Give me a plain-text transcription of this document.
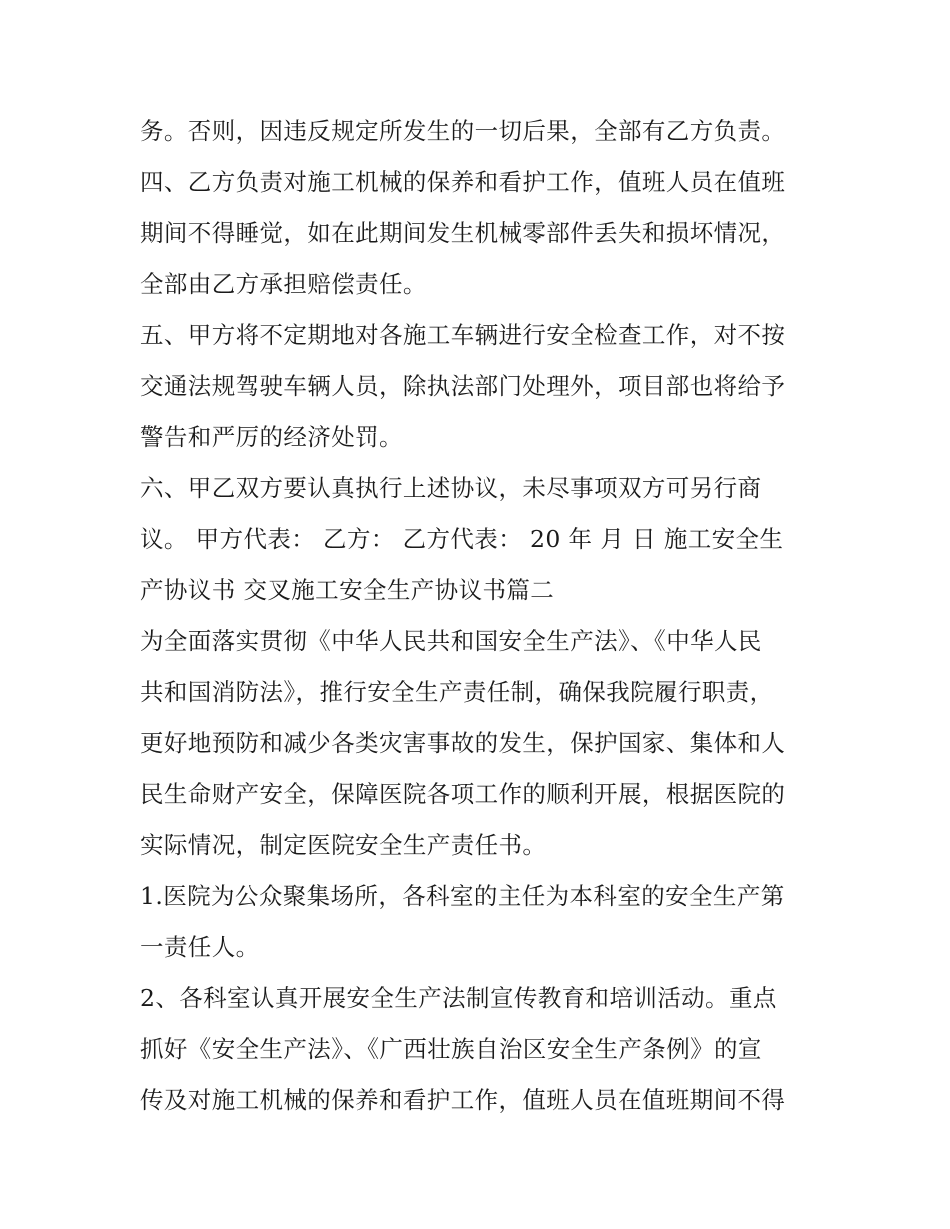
务。否则，因违反规定所发生的一切后果，全部有乙方负责。
四、乙方负责对施工机械的保养和看护工作，值班人员在值班
期间不得睡觉，如在此期间发生机械零部件丢失和损坏情况，
全部由乙方承担赔偿责任。
五、甲方将不定期地对各施工车辆进行安全检查工作，对不按
交通法规驾驶车辆人员，除执法部门处理外，项目部也将给予
警告和严厉的经济处罚。
六、甲乙双方要认真执行上述协议，未尽事项双方可另行商
议。 甲方代表： 乙方： 乙方代表： 20 年 月 日 施工安全生
产协议书 交叉施工安全生产协议书篇二
为全面落实贯彻《中华人民共和国安全生产法》、《中华人民
共和国消防法》，推行安全生产责任制，确保我院履行职责，
更好地预防和减少各类灾害事故的发生，保护国家、集体和人
民生命财产安全，保障医院各项工作的顺利开展，根据医院的
实际情况，制定医院安全生产责任书。
1.医院为公众聚集场所，各科室的主任为本科室的安全生产第
一责任人。
2、各科室认真开展安全生产法制宣传教育和培训活动。重点
抓好《安全生产法》、《广西壮族自治区安全生产条例》的宣
传及对施工机械的保养和看护工作，值班人员在值班期间不得
